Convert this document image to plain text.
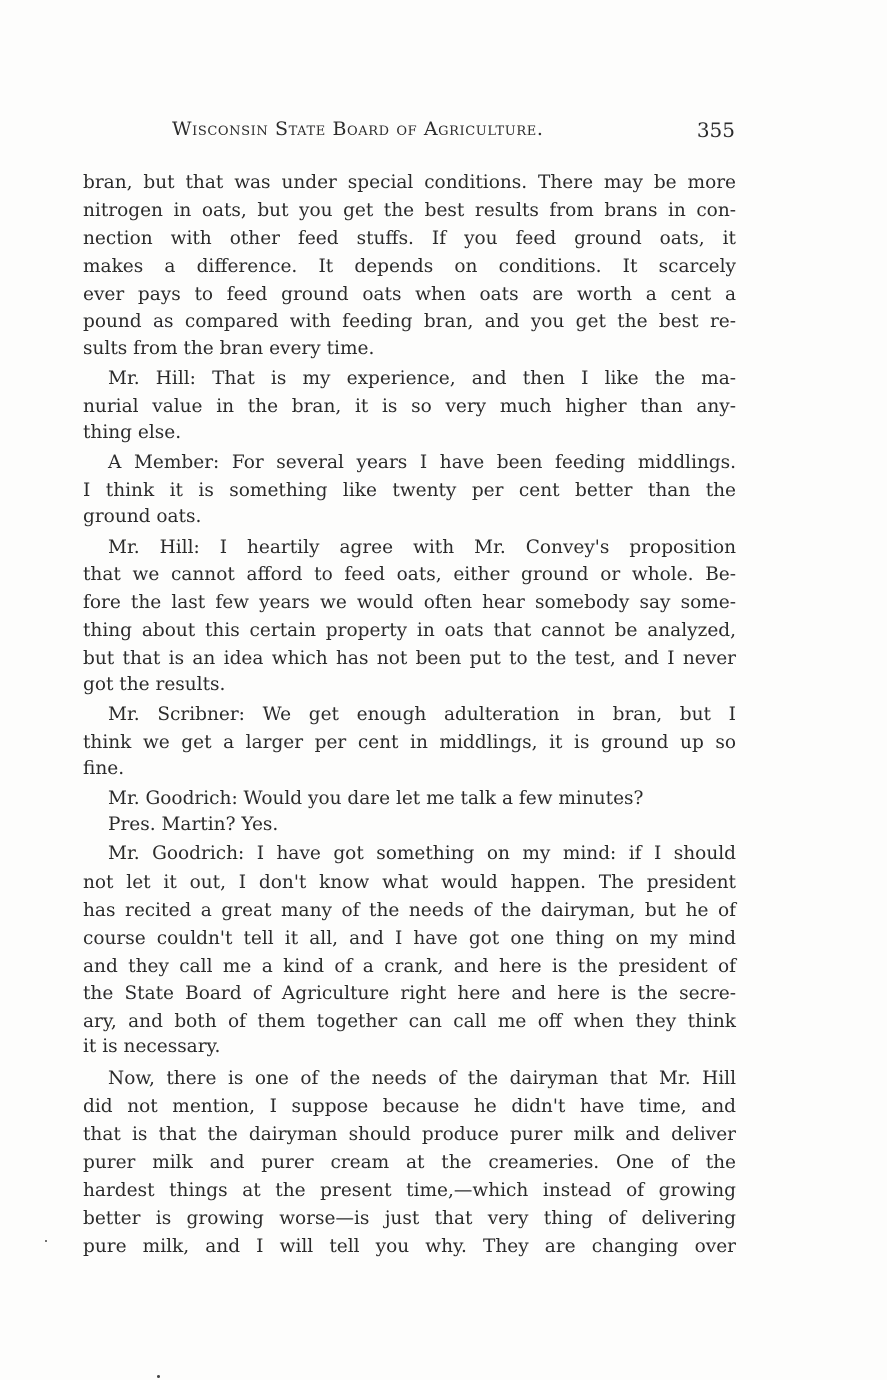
Wisconsin State Board of Agriculture.	355
bran, but that was under special conditions. There may be more
nitrogen in oats, but you get the best results from brans in con-
nection with other feed stuffs. If you feed ground oats, it
makes a difference. It depends on conditions. It scarcely
ever pays to feed ground oats when oats are worth a cent a
pound as compared with feeding bran, and you get the best re-
sults from the bran every time.
Mr. Hill: That is my experience, and then I like the ma-
nurial value in the bran, it is so very much higher than any-
thing else.
A Member: For several years I have been feeding middlings.
I think it is something like twenty per cent better than the
ground oats.
Mr. Hill: I heartily agree with Mr. Convey's proposition
that we cannot afford to feed oats, either ground or whole. Be-
fore the last few years we would often hear somebody say some-
thing about this certain property in oats that cannot be analyzed,
but that is an idea which has not been put to the test, and I never
got the results.
Mr. Scribner: We get enough adulteration in bran, but I
think we get a larger per cent in middlings, it is ground up so
fine.
Mr. Goodrich: Would you dare let me talk a few minutes?
Pres. Martin? Yes.
Mr. Goodrich: I have got something on my mind: if I should
not let it out, I don't know what would happen. The president
has recited a great many of the needs of the dairyman, but he of
course couldn't tell it all, and I have got one thing on my mind
and they call me a kind of a crank, and here is the president of
the State Board of Agriculture right here and here is the secre-
ary, and both of them together can call me off when they think
it is necessary.
Now, there is one of the needs of the dairyman that Mr. Hill
did not mention, I suppose because he didn't have time, and
that is that the dairyman should produce purer milk and deliver
purer milk and purer cream at the creameries. One of the
hardest things at the present time,—which instead of growing
better is growing worse—is just that very thing of delivering
pure milk, and I will tell you why. They are changing over
